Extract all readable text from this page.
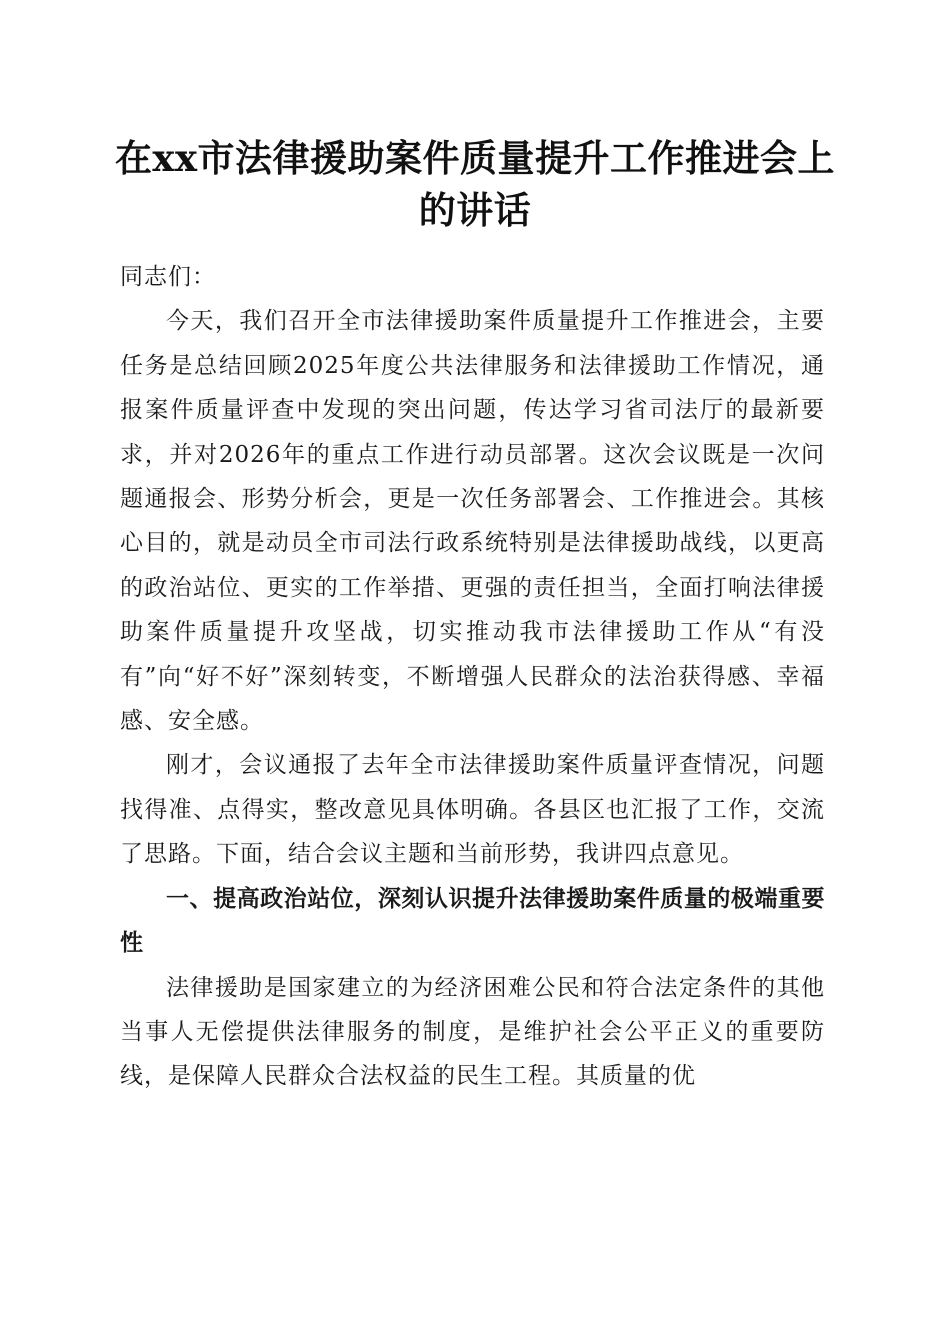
在xx市法律援助案件质量提升工作推进会上的讲话

同志们：

今天，我们召开全市法律援助案件质量提升工作推进会，主要任务是总结回顾2025年度公共法律服务和法律援助工作情况，通报案件质量评查中发现的突出问题，传达学习省司法厅的最新要求，并对2026年的重点工作进行动员部署。这次会议既是一次问题通报会、形势分析会，更是一次任务部署会、工作推进会。其核心目的，就是动员全市司法行政系统特别是法律援助战线，以更高的政治站位、更实的工作举措、更强的责任担当，全面打响法律援助案件质量提升攻坚战，切实推动我市法律援助工作从“有没有”向“好不好”深刻转变，不断增强人民群众的法治获得感、幸福感、安全感。

刚才，会议通报了去年全市法律援助案件质量评查情况，问题找得准、点得实，整改意见具体明确。各县区也汇报了工作，交流了思路。下面，结合会议主题和当前形势，我讲四点意见。

一、提高政治站位，深刻认识提升法律援助案件质量的极端重要性

法律援助是国家建立的为经济困难公民和符合法定条件的其他当事人无偿提供法律服务的制度，是维护社会公平正义的重要防线，是保障人民群众合法权益的民生工程。其质量的优
